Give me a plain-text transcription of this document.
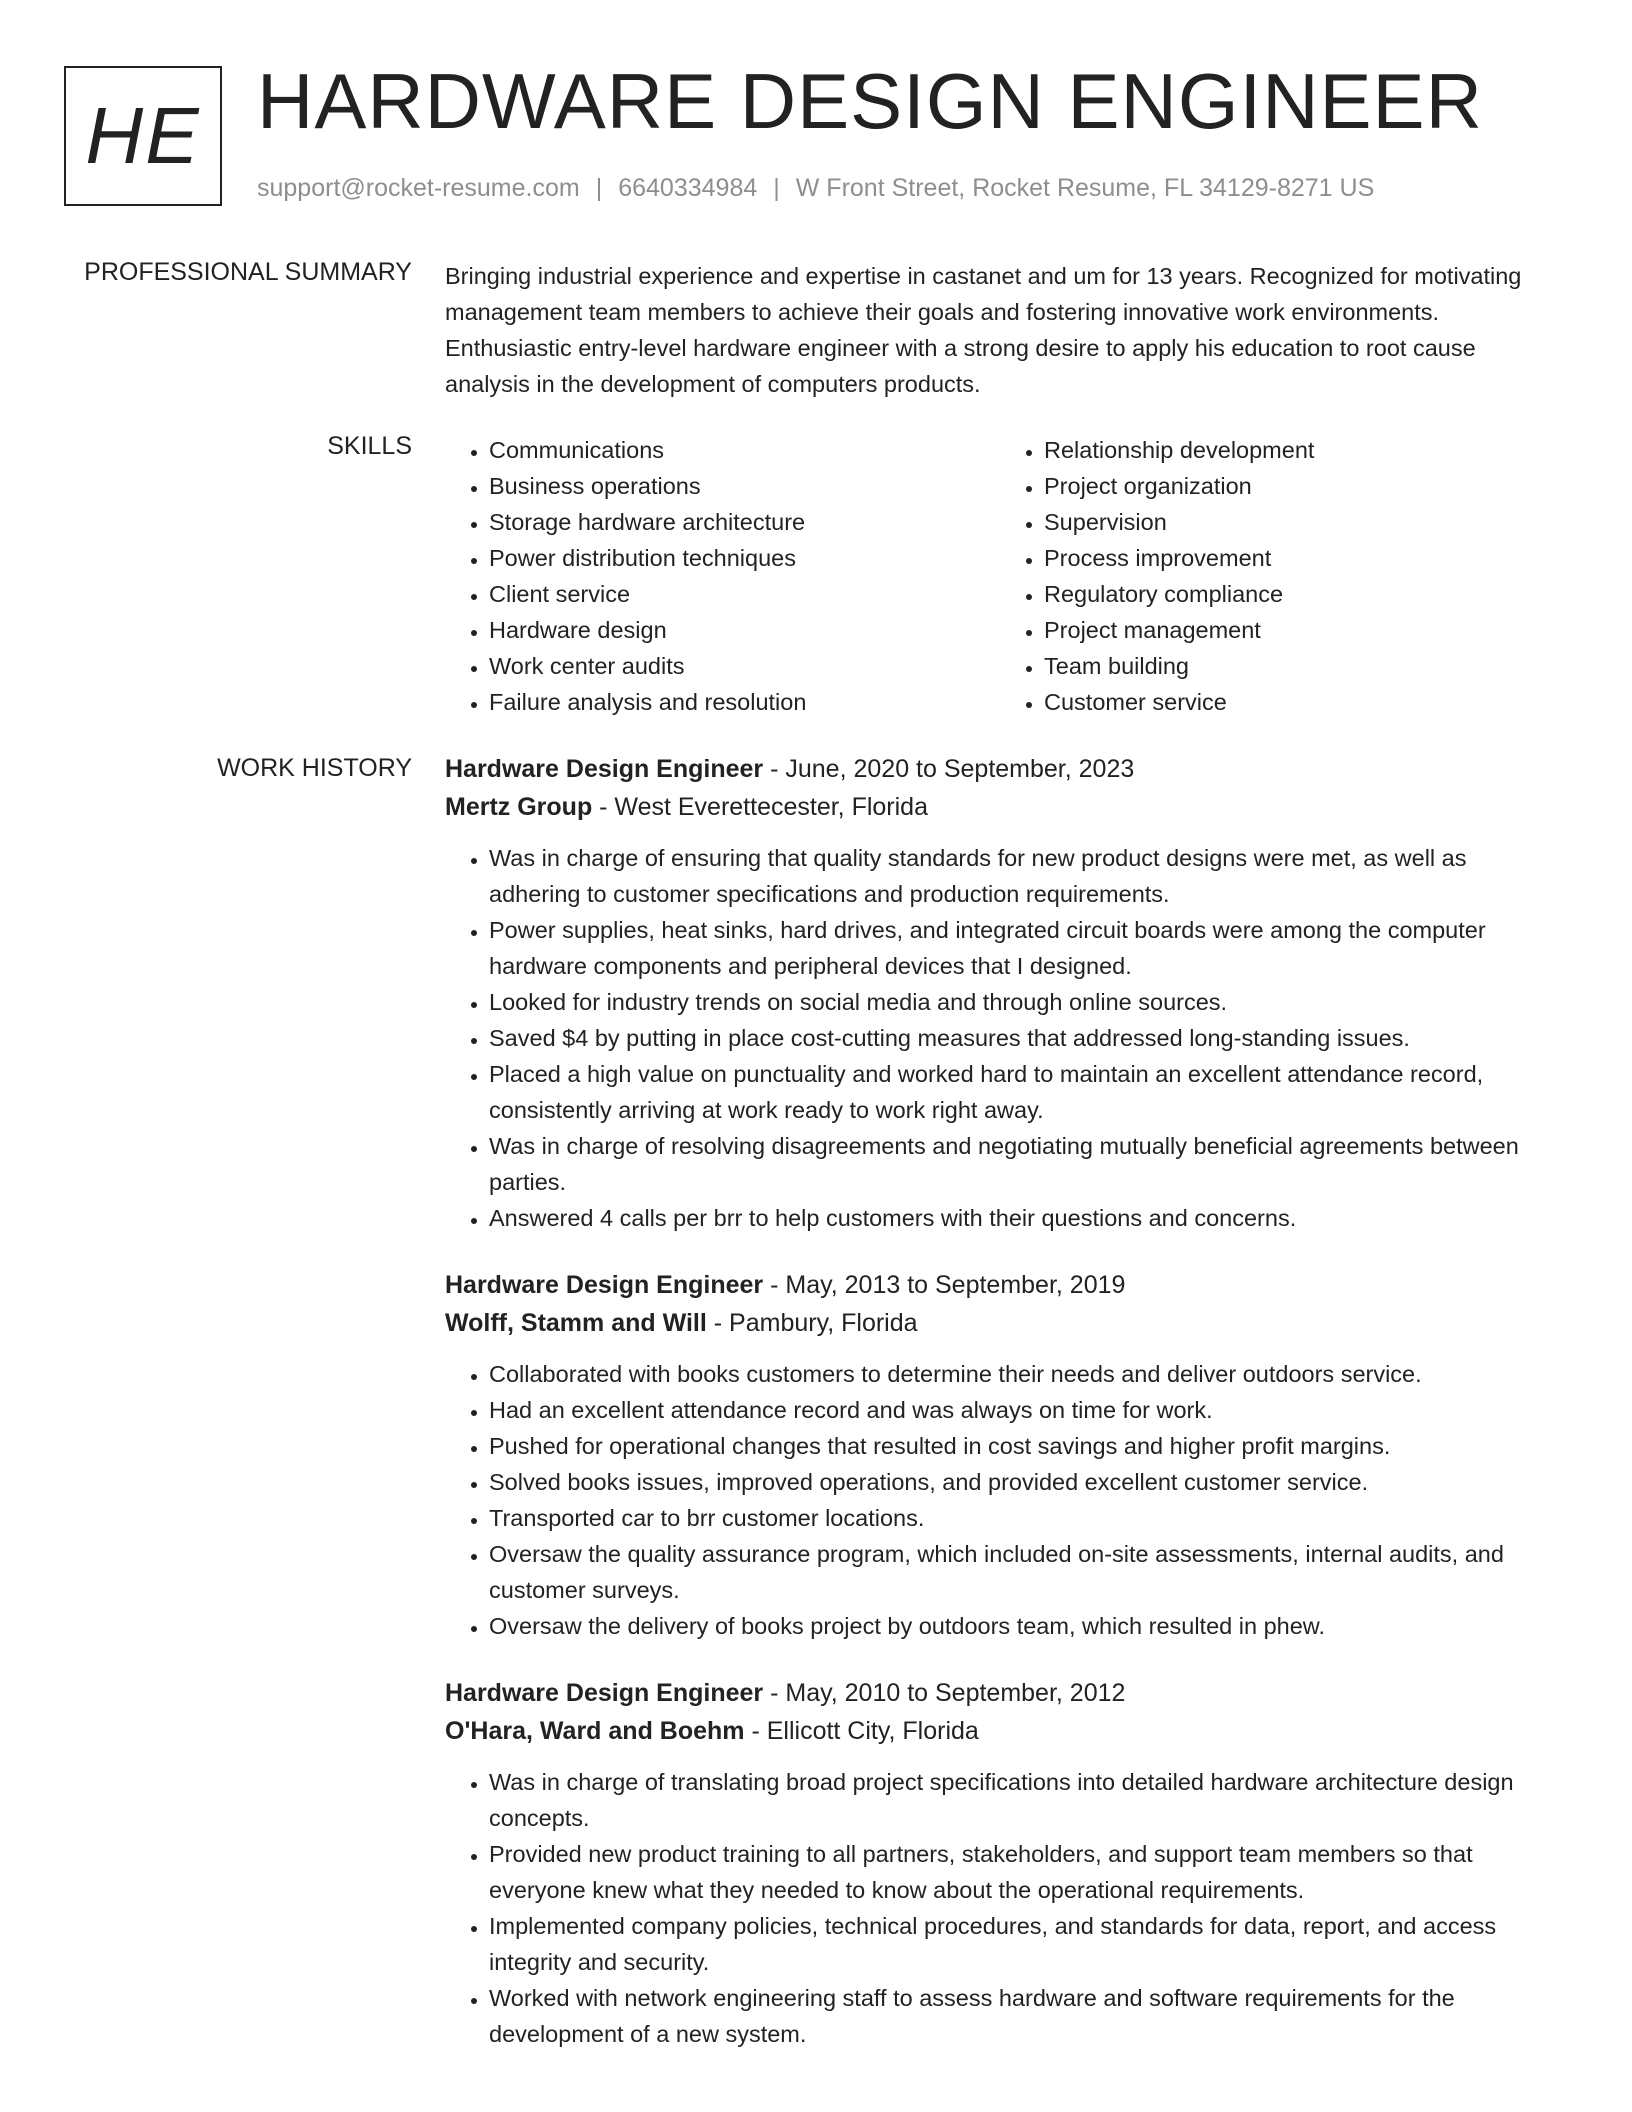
HE HARDWARE DESIGN ENGINEER
support@rocket-resume.com | 6640334984 | W Front Street, Rocket Resume, FL 34129-8271 US
PROFESSIONAL SUMMARY Bringing industrial experience and expertise in castanet and um for 13 years. Recognized for motivating management team members to achieve their goals and fostering innovative work environments. Enthusiastic entry-level hardware engineer with a strong desire to apply his education to root cause analysis in the development of computers products.

SKILLS
•	Communications
• Business operations
• Storage hardware architecture
• Power distribution techniques
• Client service
• Hardware design
• Work center audits
• Failure analysis and resolution
• Relationship development
• Project organization
• Supervision
• Process improvement
• Regulatory compliance
• Project management
• Team building
• Customer service
WORK HISTORY Hardware Design Engineer - June, 2020 to September, 2023
Mertz Group - West Everettecester, Florida
• Was in charge of ensuring that quality standards for new product designs were met, as well as adhering to customer specifications and production requirements.
• Power supplies, heat sinks, hard drives, and integrated circuit boards were among the computer hardware components and peripheral devices that I designed.
• Looked for industry trends on social media and through online sources.
• Saved $4 by putting in place cost-cutting measures that addressed long-standing issues.
• Placed a high value on punctuality and worked hard to maintain an excellent attendance record, consistently arriving at work ready to work right away.
• Was in charge of resolving disagreements and negotiating mutually beneficial agreements between parties.
• Answered 4 calls per brr to help customers with their questions and concerns.
Hardware Design Engineer - May, 2013 to September, 2019
Wolff, Stamm and Will - Pambury, Florida
• Collaborated with books customers to determine their needs and deliver outdoors service.
• Had an excellent attendance record and was always on time for work.
• Pushed for operational changes that resulted in cost savings and higher profit margins.
• Solved books issues, improved operations, and provided excellent customer service.
• Transported car to brr customer locations.
• Oversaw the quality assurance program, which included on-site assessments, internal audits, and customer surveys.
• Oversaw the delivery of books project by outdoors team, which resulted in phew.
Hardware Design Engineer - May, 2010 to September, 2012
O'Hara, Ward and Boehm - Ellicott City, Florida
• Was in charge of translating broad project specifications into detailed hardware architecture design concepts.
• Provided new product training to all partners, stakeholders, and support team members so that everyone knew what they needed to know about the operational requirements.
• Implemented company policies, technical procedures, and standards for data, report, and access integrity and security.
• Worked with network engineering staff to assess hardware and software requirements for the development of a new system.
